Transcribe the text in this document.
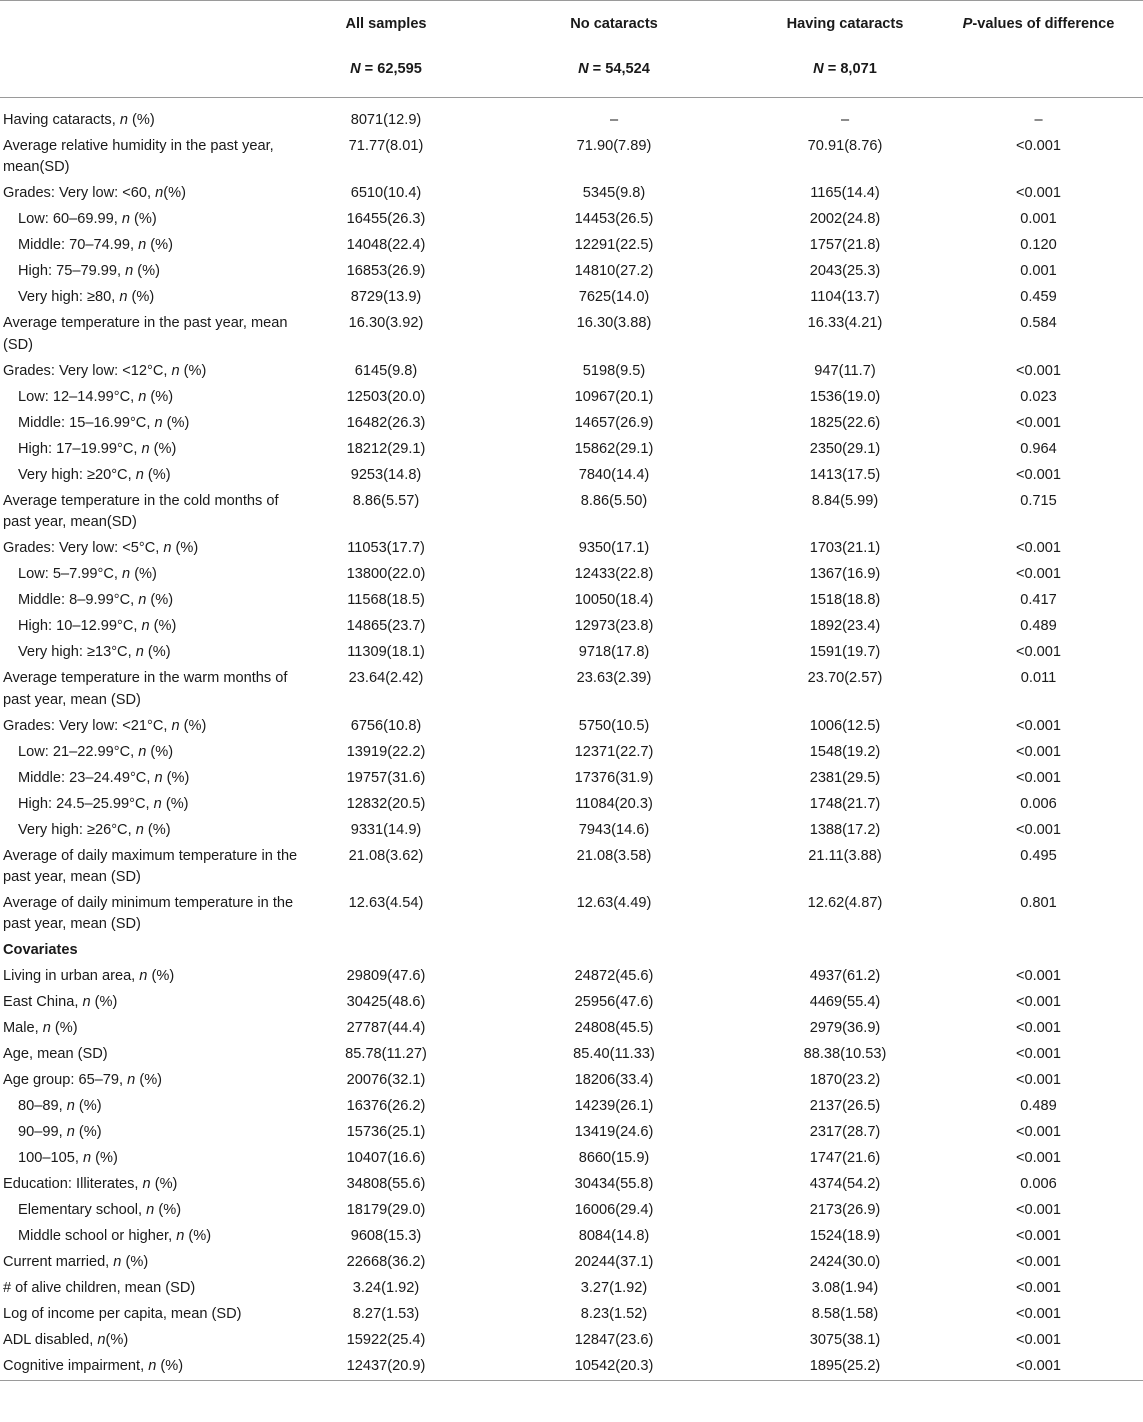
	All samples	No cataracts	Having cataracts	P-values of difference
	N = 62,595	N = 54,524	N = 8,071	
Having cataracts, n (%)	8071(12.9)	–	–	–
Average relative humidity in the past year, mean(SD)	71.77(8.01)	71.90(7.89)	70.91(8.76)	<0.001
Grades: Very low: <60, n(%)	6510(10.4)	5345(9.8)	1165(14.4)	<0.001
Low: 60–69.99, n (%)	16455(26.3)	14453(26.5)	2002(24.8)	0.001
Middle: 70–74.99, n (%)	14048(22.4)	12291(22.5)	1757(21.8)	0.120
High: 75–79.99, n (%)	16853(26.9)	14810(27.2)	2043(25.3)	0.001
Very high: ≥80, n (%)	8729(13.9)	7625(14.0)	1104(13.7)	0.459
Average temperature in the past year, mean (SD)	16.30(3.92)	16.30(3.88)	16.33(4.21)	0.584
Grades: Very low: <12°C, n (%)	6145(9.8)	5198(9.5)	947(11.7)	<0.001
Low: 12–14.99°C, n (%)	12503(20.0)	10967(20.1)	1536(19.0)	0.023
Middle: 15–16.99°C, n (%)	16482(26.3)	14657(26.9)	1825(22.6)	<0.001
High: 17–19.99°C, n (%)	18212(29.1)	15862(29.1)	2350(29.1)	0.964
Very high: ≥20°C, n (%)	9253(14.8)	7840(14.4)	1413(17.5)	<0.001
Average temperature in the cold months of past year, mean(SD)	8.86(5.57)	8.86(5.50)	8.84(5.99)	0.715
Grades: Very low: <5°C, n (%)	11053(17.7)	9350(17.1)	1703(21.1)	<0.001
Low: 5–7.99°C, n (%)	13800(22.0)	12433(22.8)	1367(16.9)	<0.001
Middle: 8–9.99°C, n (%)	11568(18.5)	10050(18.4)	1518(18.8)	0.417
High: 10–12.99°C, n (%)	14865(23.7)	12973(23.8)	1892(23.4)	0.489
Very high: ≥13°C, n (%)	11309(18.1)	9718(17.8)	1591(19.7)	<0.001
Average temperature in the warm months of past year, mean (SD)	23.64(2.42)	23.63(2.39)	23.70(2.57)	0.011
Grades: Very low: <21°C, n (%)	6756(10.8)	5750(10.5)	1006(12.5)	<0.001
Low: 21–22.99°C, n (%)	13919(22.2)	12371(22.7)	1548(19.2)	<0.001
Middle: 23–24.49°C, n (%)	19757(31.6)	17376(31.9)	2381(29.5)	<0.001
High: 24.5–25.99°C, n (%)	12832(20.5)	11084(20.3)	1748(21.7)	0.006
Very high: ≥26°C, n (%)	9331(14.9)	7943(14.6)	1388(17.2)	<0.001
Average of daily maximum temperature in the past year, mean (SD)	21.08(3.62)	21.08(3.58)	21.11(3.88)	0.495
Average of daily minimum temperature in the past year, mean (SD)	12.63(4.54)	12.63(4.49)	12.62(4.87)	0.801
Covariates				
Living in urban area, n (%)	29809(47.6)	24872(45.6)	4937(61.2)	<0.001
East China, n (%)	30425(48.6)	25956(47.6)	4469(55.4)	<0.001
Male, n (%)	27787(44.4)	24808(45.5)	2979(36.9)	<0.001
Age, mean (SD)	85.78(11.27)	85.40(11.33)	88.38(10.53)	<0.001
Age group: 65–79, n (%)	20076(32.1)	18206(33.4)	1870(23.2)	<0.001
80–89, n (%)	16376(26.2)	14239(26.1)	2137(26.5)	0.489
90–99, n (%)	15736(25.1)	13419(24.6)	2317(28.7)	<0.001
100–105, n (%)	10407(16.6)	8660(15.9)	1747(21.6)	<0.001
Education: Illiterates, n (%)	34808(55.6)	30434(55.8)	4374(54.2)	0.006
Elementary school, n (%)	18179(29.0)	16006(29.4)	2173(26.9)	<0.001
Middle school or higher, n (%)	9608(15.3)	8084(14.8)	1524(18.9)	<0.001
Current married, n (%)	22668(36.2)	20244(37.1)	2424(30.0)	<0.001
# of alive children, mean (SD)	3.24(1.92)	3.27(1.92)	3.08(1.94)	<0.001
Log of income per capita, mean (SD)	8.27(1.53)	8.23(1.52)	8.58(1.58)	<0.001
ADL disabled, n(%)	15922(25.4)	12847(23.6)	3075(38.1)	<0.001
Cognitive impairment, n (%)	12437(20.9)	10542(20.3)	1895(25.2)	<0.001
